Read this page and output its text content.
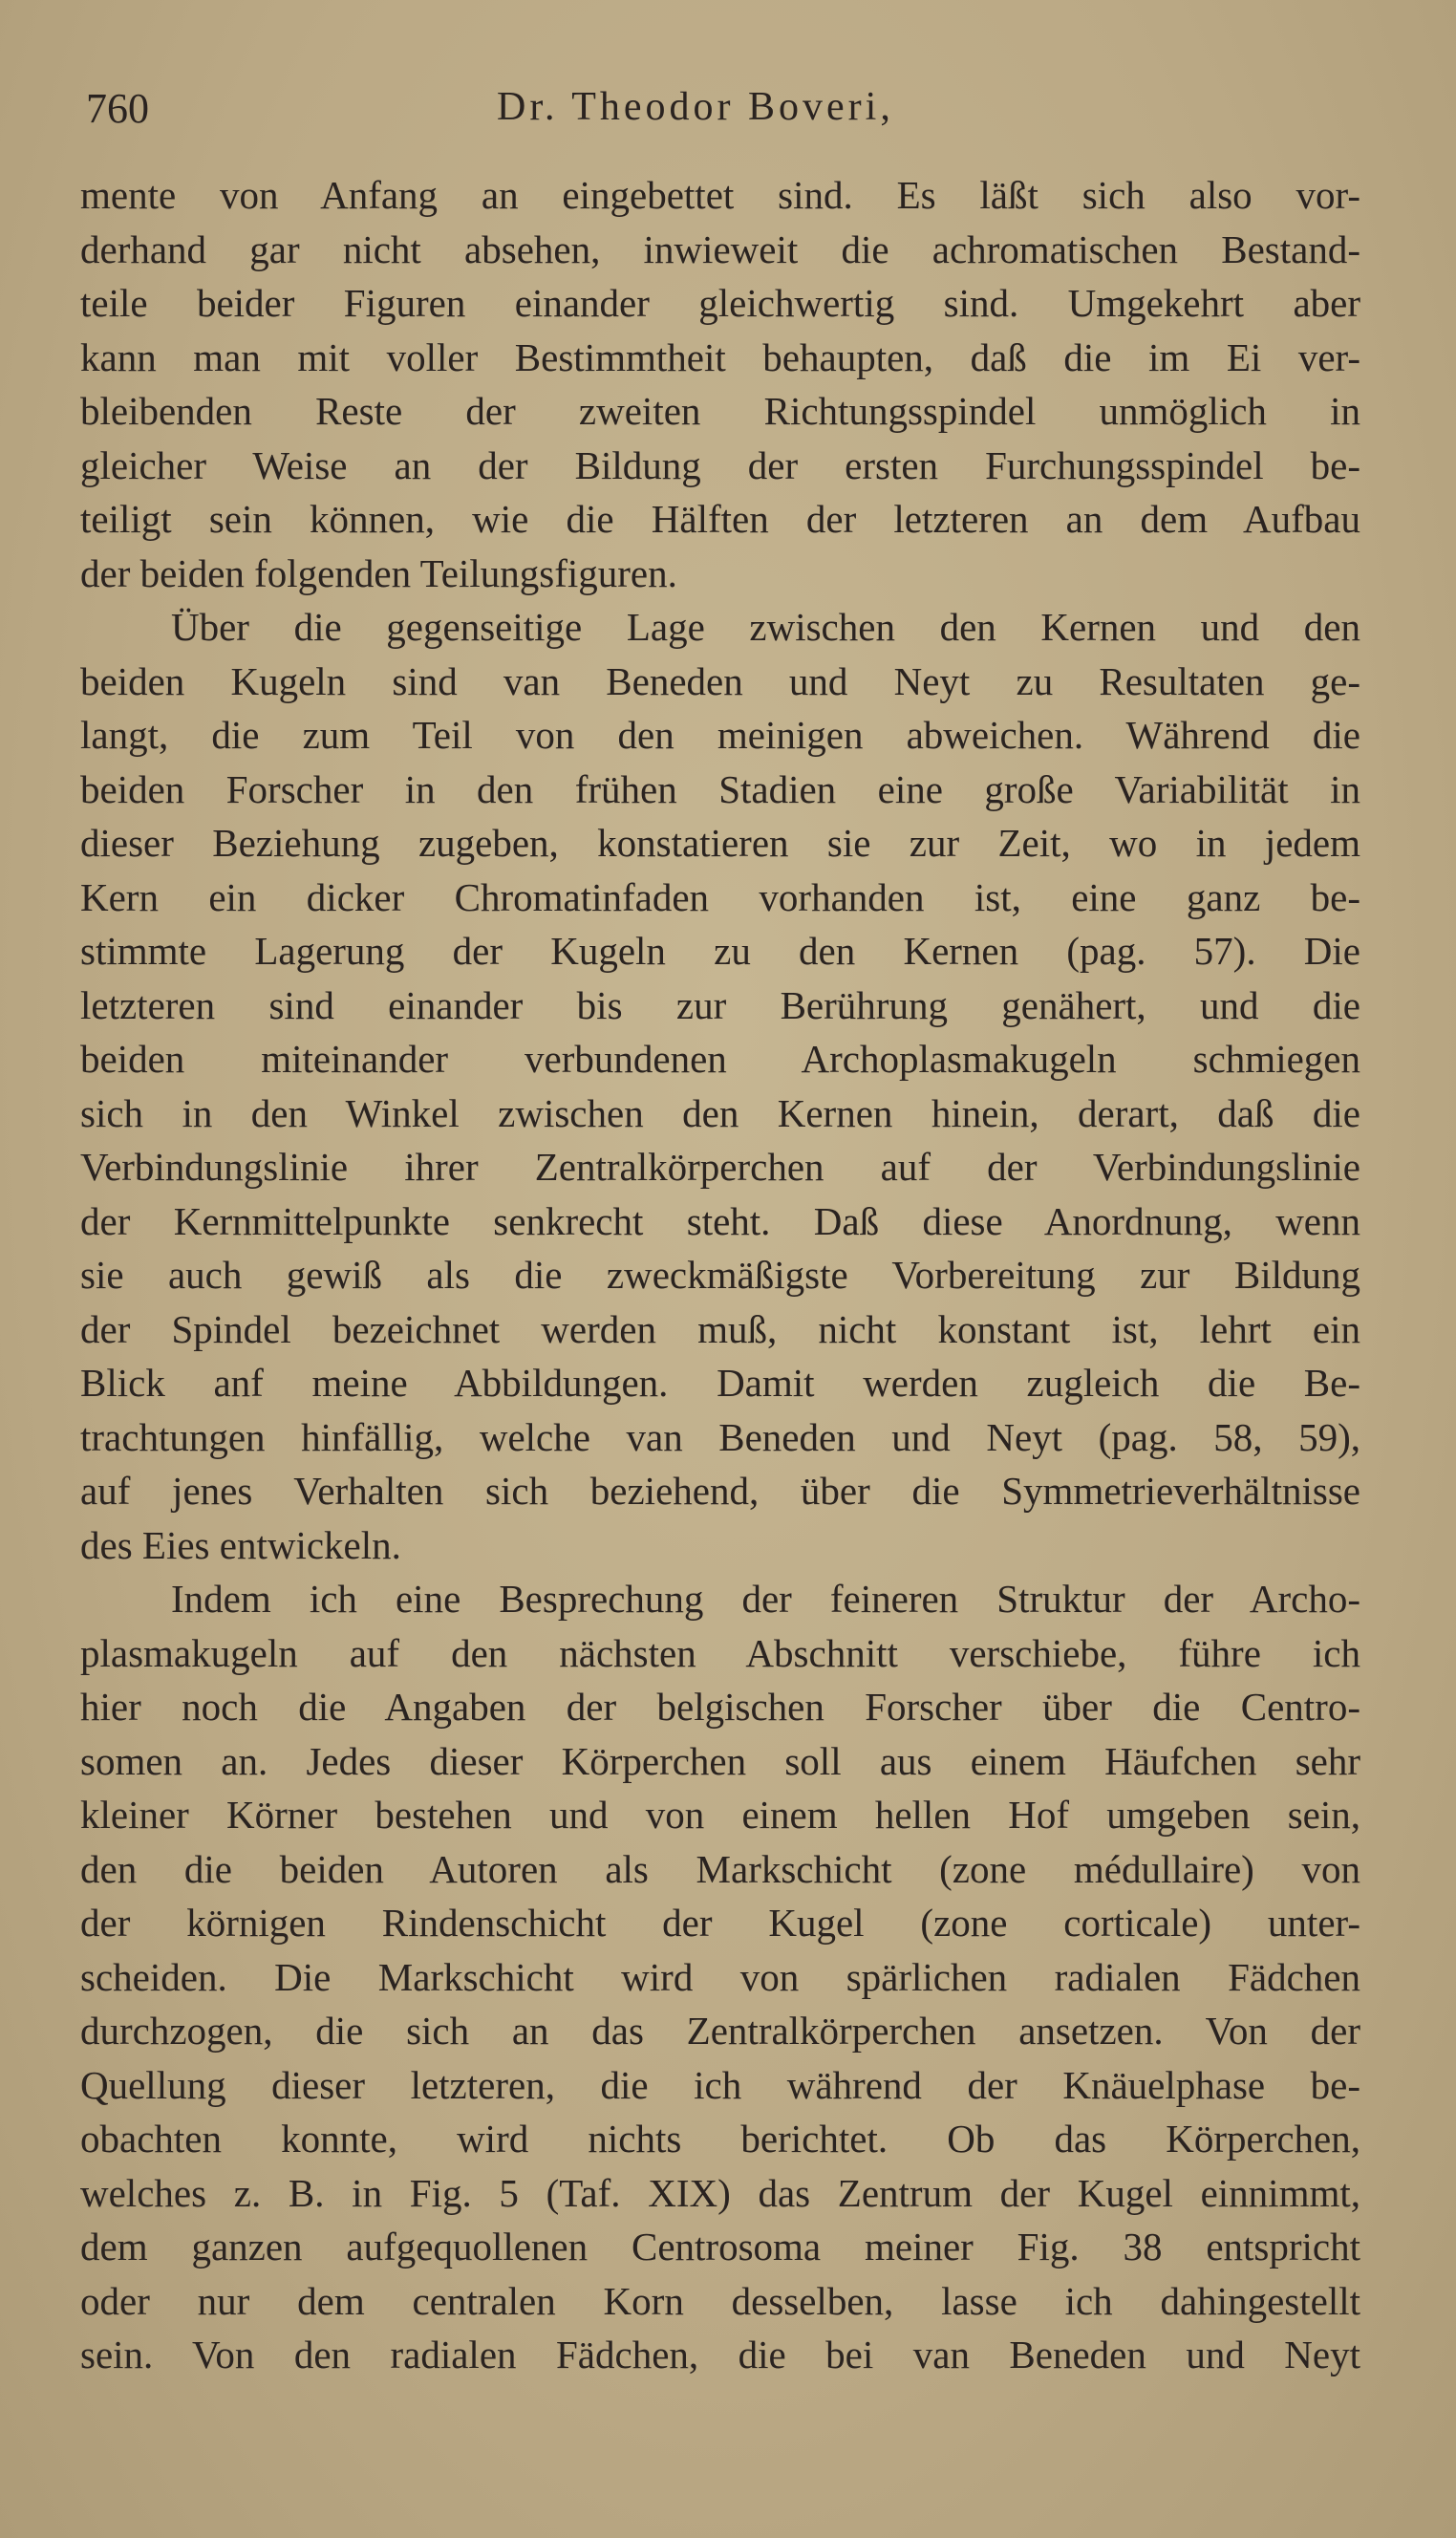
760	Dr. Theodor Boveri,
mente von Anfang an eingebettet sind. Es läßt sich also vor-
derhand gar nicht absehen, inwieweit die achromatischen Bestand-
teile beider Figuren einander gleichwertig sind. Umgekehrt aber
kann man mit voller Bestimmtheit behaupten, daß die im Ei ver-
bleibenden Reste der zweiten Richtungsspindel unmöglich in
gleicher Weise an der Bildung der ersten Furchungsspindel be-
teiligt sein können, wie die Hälften der letzteren an dem Aufbau
der beiden folgenden Teilungsfiguren.
Über die gegenseitige Lage zwischen den Kernen und den
beiden Kugeln sind van Beneden und Neyt zu Resultaten ge-
langt, die zum Teil von den meinigen abweichen. Während die
beiden Forscher in den frühen Stadien eine große Variabilität in
dieser Beziehung zugeben, konstatieren sie zur Zeit, wo in jedem
Kern ein dicker Chromatinfaden vorhanden ist, eine ganz be-
stimmte Lagerung der Kugeln zu den Kernen (pag. 57). Die
letzteren sind einander bis zur Berührung genähert, und die
beiden miteinander verbundenen Archoplasmakugeln schmiegen
sich in den Winkel zwischen den Kernen hinein, derart, daß die
Verbindungslinie ihrer Zentralkörperchen auf der Verbindungslinie
der Kernmittelpunkte senkrecht steht. Daß diese Anordnung, wenn
sie auch gewiß als die zweckmäßigste Vorbereitung zur Bildung
der Spindel bezeichnet werden muß, nicht konstant ist, lehrt ein
Blick anf meine Abbildungen. Damit werden zugleich die Be-
trachtungen hinfällig, welche van Beneden und Neyt (pag. 58, 59),
auf jenes Verhalten sich beziehend, über die Symmetrieverhältnisse
des Eies entwickeln.
Indem ich eine Besprechung der feineren Struktur der Archo-
plasmakugeln auf den nächsten Abschnitt verschiebe, führe ich
hier noch die Angaben der belgischen Forscher über die Centro-
somen an. Jedes dieser Körperchen soll aus einem Häufchen sehr
kleiner Körner bestehen und von einem hellen Hof umgeben sein,
den die beiden Autoren als Markschicht (zone médullaire) von
der körnigen Rindenschicht der Kugel (zone corticale) unter-
scheiden. Die Markschicht wird von spärlichen radialen Fädchen
durchzogen, die sich an das Zentralkörperchen ansetzen. Von der
Quellung dieser letzteren, die ich während der Knäuelphase be-
obachten konnte, wird nichts berichtet. Ob das Körperchen,
welches z. B. in Fig. 5 (Taf. XIX) das Zentrum der Kugel einnimmt,
dem ganzen aufgequollenen Centrosoma meiner Fig. 38 entspricht
oder nur dem centralen Korn desselben, lasse ich dahingestellt
sein. Von den radialen Fädchen, die bei van Beneden und Neyt
